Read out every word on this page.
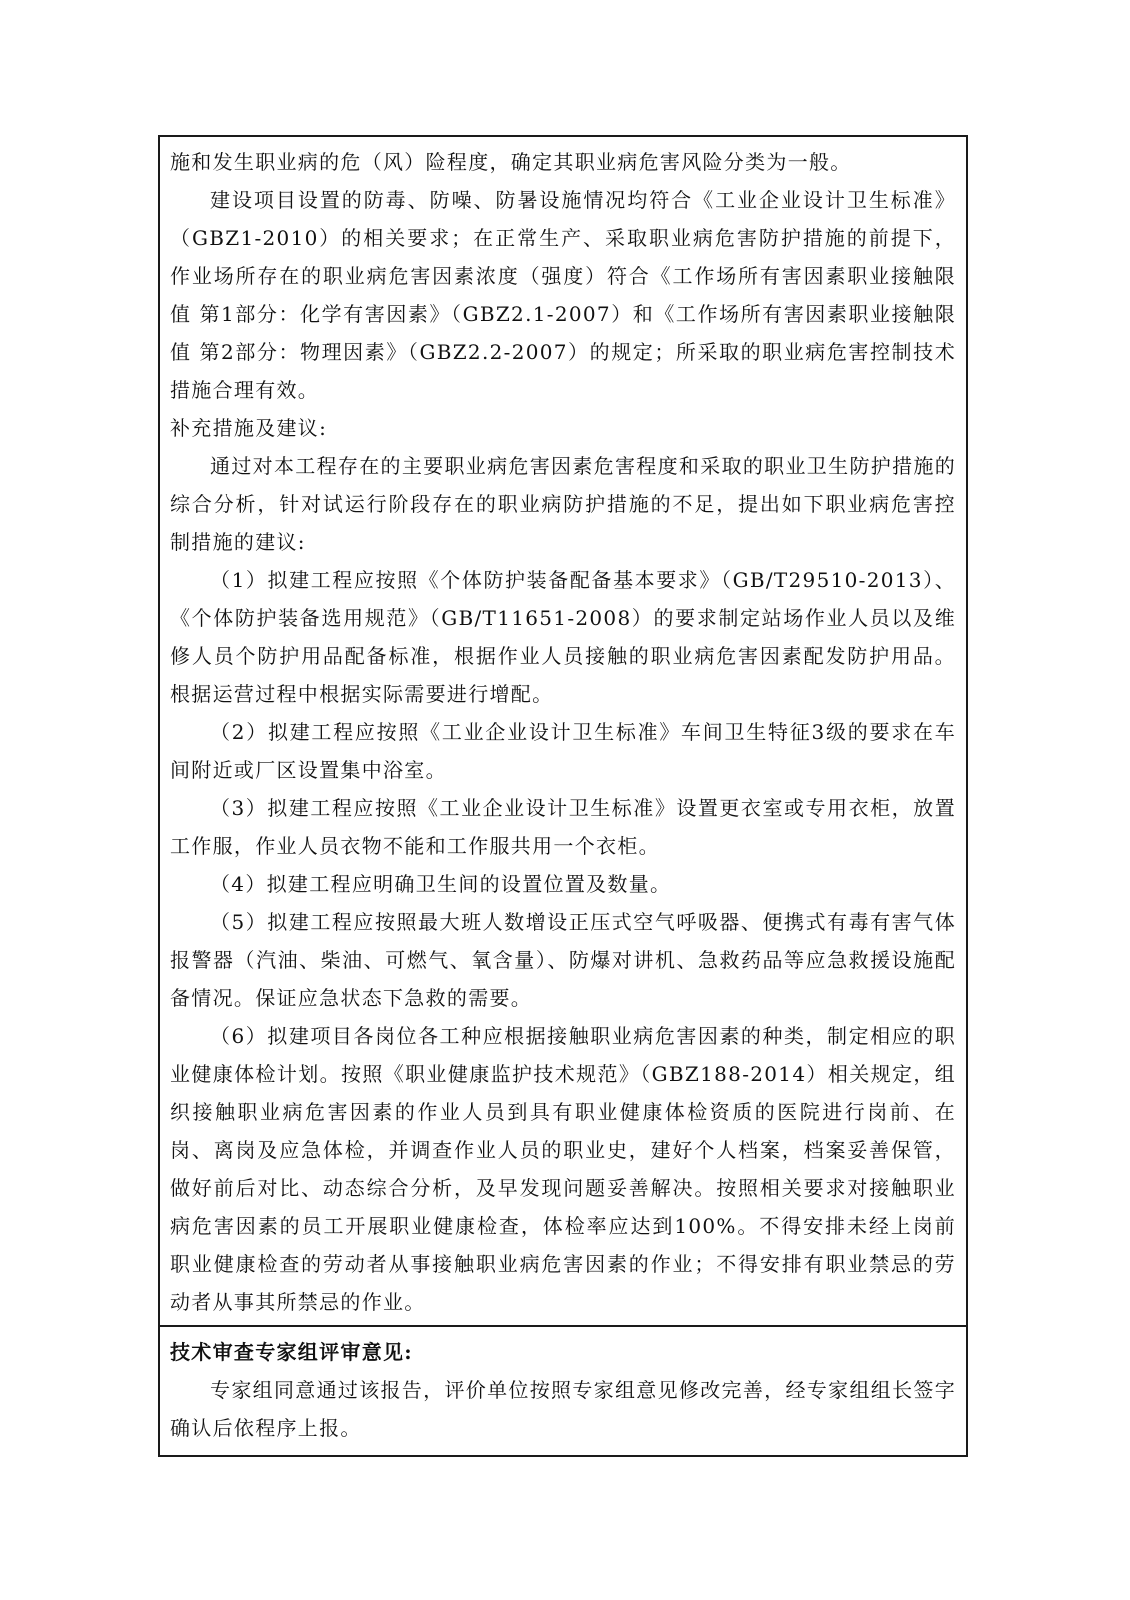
施和发生职业病的危（风）险程度，确定其职业病危害风险分类为一般。

建设项目设置的防毒、防噪、防暑设施情况均符合《工业企业设计卫生标准》（GBZ1-2010）的相关要求；在正常生产、采取职业病危害防护措施的前提下，作业场所存在的职业病危害因素浓度（强度）符合《工作场所有害因素职业接触限值 第1部分：化学有害因素》（GBZ2.1-2007）和《工作场所有害因素职业接触限值 第2部分：物理因素》（GBZ2.2-2007）的规定；所采取的职业病危害控制技术措施合理有效。

补充措施及建议:

通过对本工程存在的主要职业病危害因素危害程度和采取的职业卫生防护措施的综合分析，针对试运行阶段存在的职业病防护措施的不足，提出如下职业病危害控制措施的建议:

（1）拟建工程应按照《个体防护装备配备基本要求》（GB/T29510-2013）、《个体防护装备选用规范》（GB/T11651-2008）的要求制定站场作业人员以及维修人员个防护用品配备标准，根据作业人员接触的职业病危害因素配发防护用品。根据运营过程中根据实际需要进行增配。

（2）拟建工程应按照《工业企业设计卫生标准》车间卫生特征3级的要求在车间附近或厂区设置集中浴室。

（3）拟建工程应按照《工业企业设计卫生标准》设置更衣室或专用衣柜，放置工作服，作业人员衣物不能和工作服共用一个衣柜。

（4）拟建工程应明确卫生间的设置位置及数量。

（5）拟建工程应按照最大班人数增设正压式空气呼吸器、便携式有毒有害气体报警器（汽油、柴油、可燃气、氧含量）、防爆对讲机、急救药品等应急救援设施配备情况。保证应急状态下急救的需要。

（6）拟建项目各岗位各工种应根据接触职业病危害因素的种类，制定相应的职业健康体检计划。按照《职业健康监护技术规范》（GBZ188-2014）相关规定，组织接触职业病危害因素的作业人员到具有职业健康体检资质的医院进行岗前、在岗、离岗及应急体检，并调查作业人员的职业史，建好个人档案，档案妥善保管，做好前后对比、动态综合分析，及早发现问题妥善解决。按照相关要求对接触职业病危害因素的员工开展职业健康检查，体检率应达到100%。不得安排未经上岗前职业健康检查的劳动者从事接触职业病危害因素的作业；不得安排有职业禁忌的劳动者从事其所禁忌的作业。

技术审查专家组评审意见:

专家组同意通过该报告，评价单位按照专家组意见修改完善，经专家组组长签字确认后依程序上报。
